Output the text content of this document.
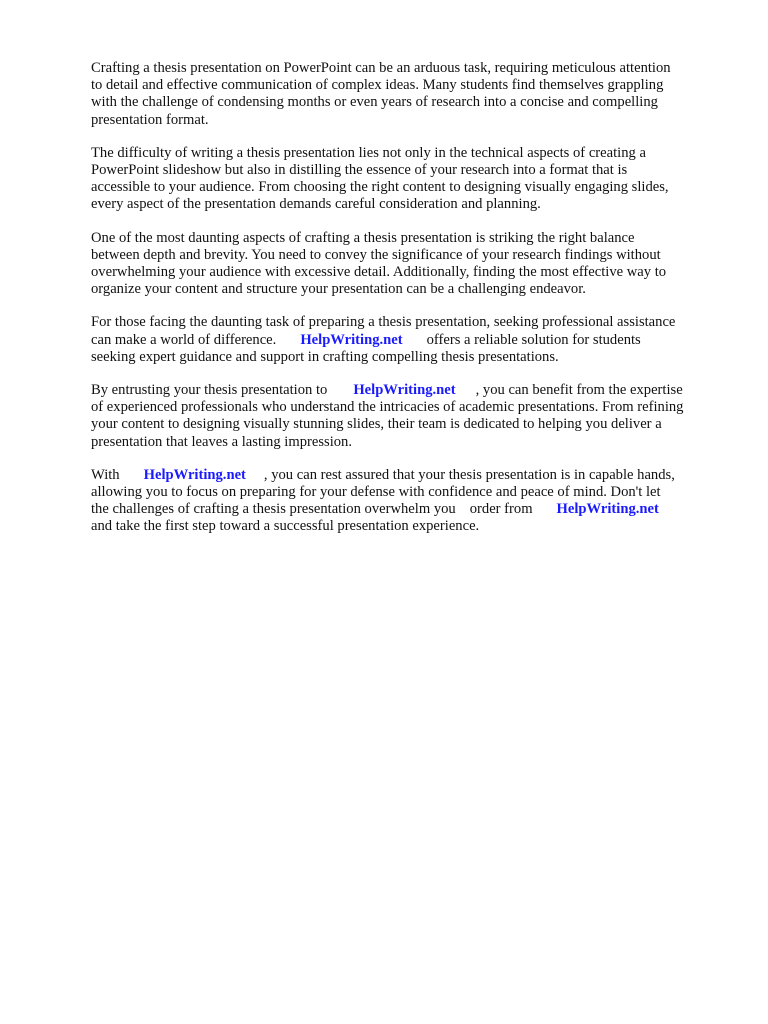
Crafting a thesis presentation on PowerPoint can be an arduous task, requiring meticulous attention
to detail and effective communication of complex ideas. Many students find themselves grappling
with the challenge of condensing months or even years of research into a concise and compelling
presentation format.
The difficulty of writing a thesis presentation lies not only in the technical aspects of creating a
PowerPoint slideshow but also in distilling the essence of your research into a format that is
accessible to your audience. From choosing the right content to designing visually engaging slides,
every aspect of the presentation demands careful consideration and planning.
One of the most daunting aspects of crafting a thesis presentation is striking the right balance
between depth and brevity. You need to convey the significance of your research findings without
overwhelming your audience with excessive detail. Additionally, finding the most effective way to
organize your content and structure your presentation can be a challenging endeavor.
For those facing the daunting task of preparing a thesis presentation, seeking professional assistance
can make a world of difference. HelpWriting.net offers a reliable solution for students
seeking expert guidance and support in crafting compelling thesis presentations.
By entrusting your thesis presentation to HelpWriting.net , you can benefit from the expertise
of experienced professionals who understand the intricacies of academic presentations. From refining
your content to designing visually stunning slides, their team is dedicated to helping you deliver a
presentation that leaves a lasting impression.
With HelpWriting.net , you can rest assured that your thesis presentation is in capable hands,
allowing you to focus on preparing for your defense with confidence and peace of mind. Don't let
the challenges of crafting a thesis presentation overwhelm you order from HelpWriting.net
and take the first step toward a successful presentation experience.
